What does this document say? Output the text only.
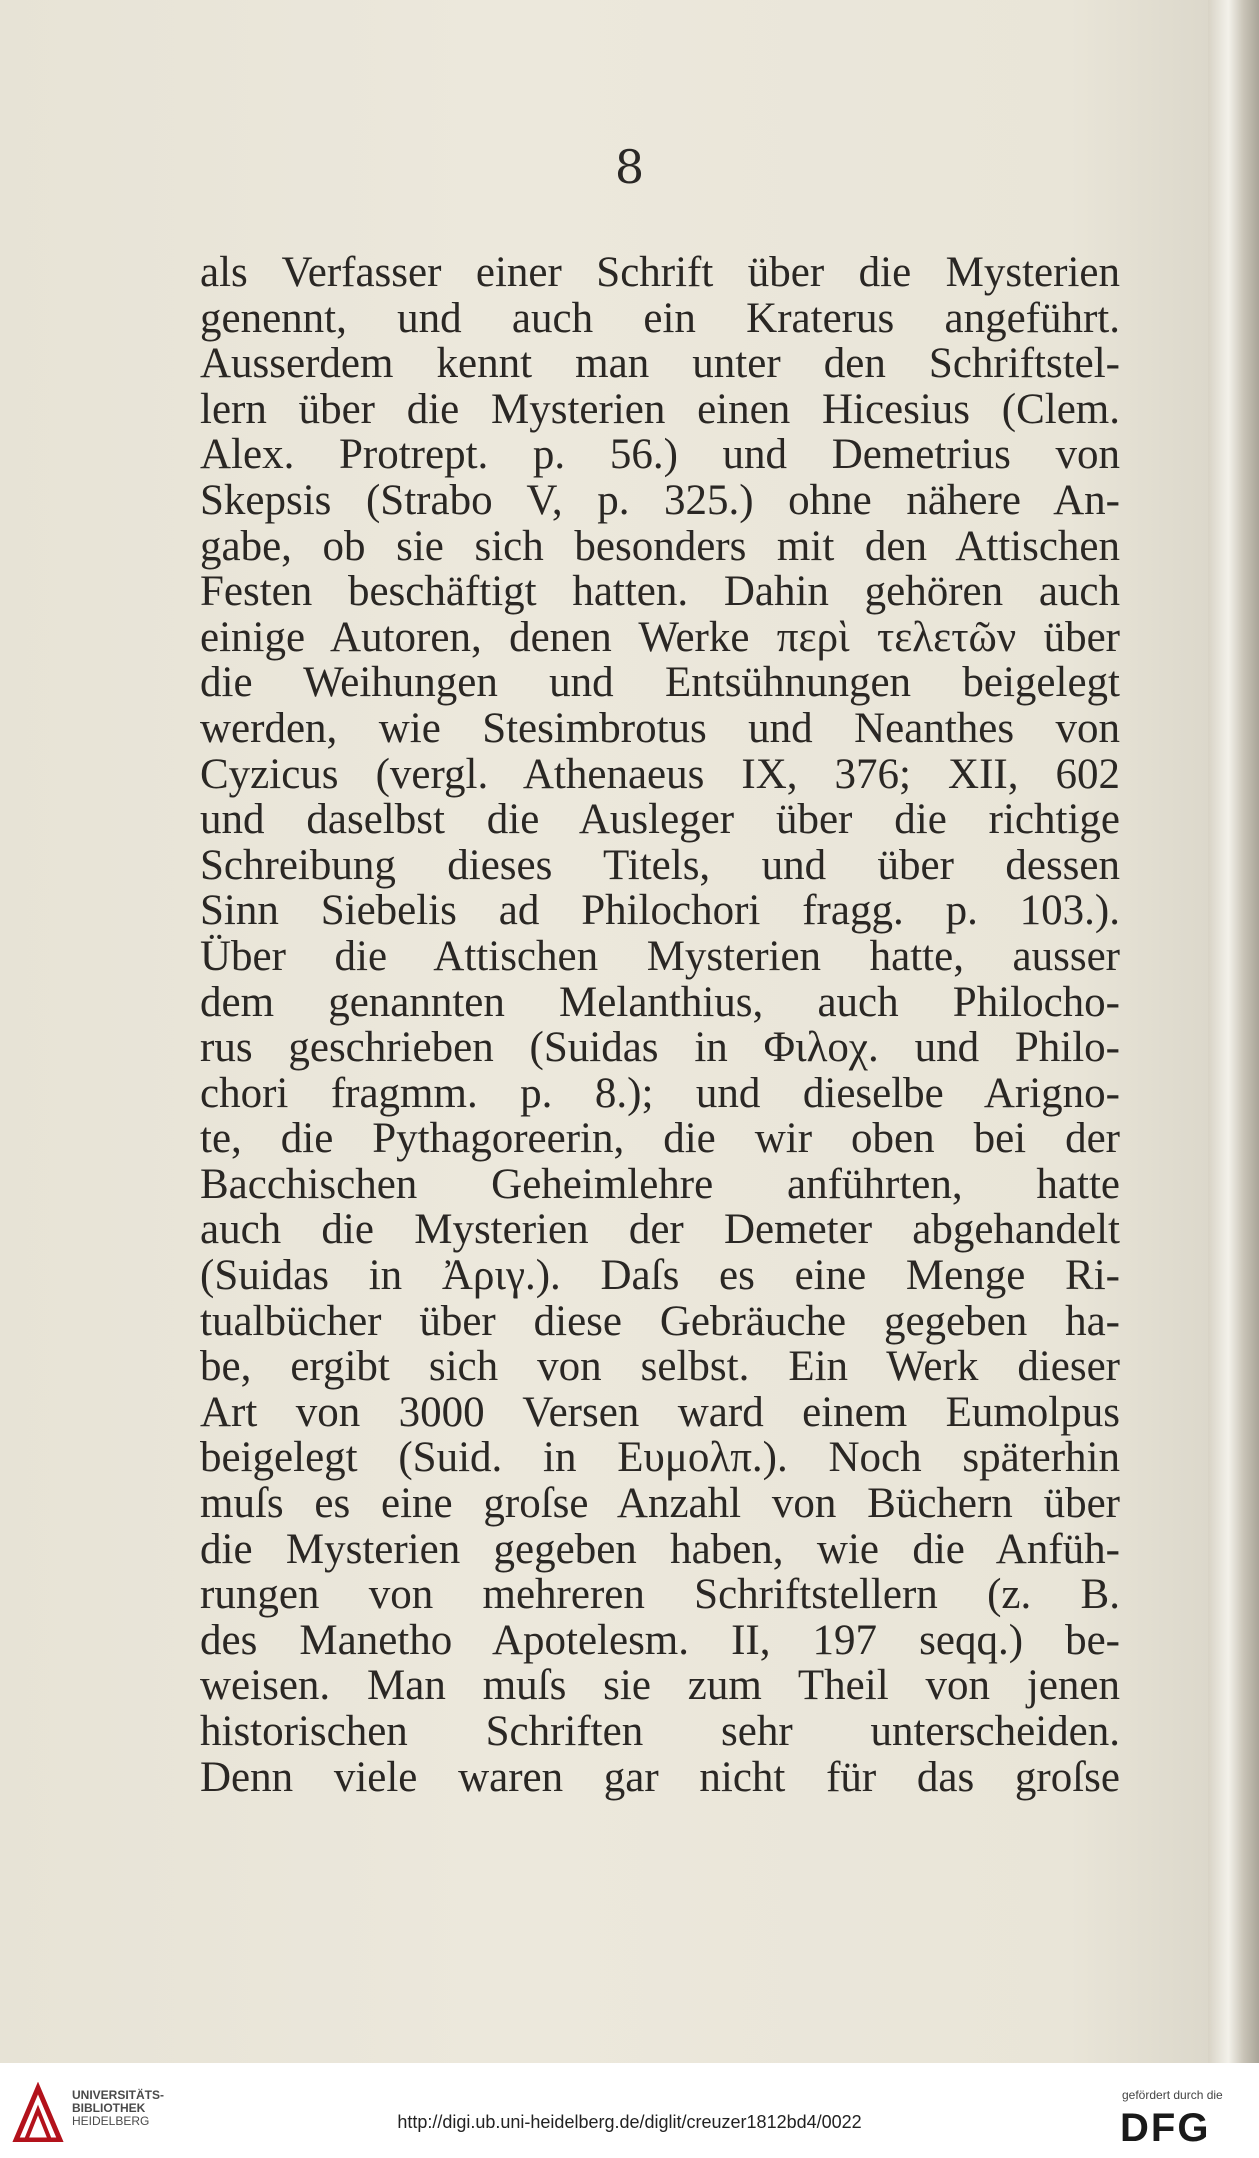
8
als Verfasser einer Schrift über die Mysterien
genennt, und auch ein Kraterus angeführt.
Ausserdem kennt man unter den Schriftstel-
lern über die Mysterien einen Hicesius (Clem.
Alex. Protrept. p. 56.) und Demetrius von
Skepsis (Strabo V, p. 325.) ohne nähere An-
gabe, ob sie sich besonders mit den Attischen
Festen beschäftigt hatten. Dahin gehören auch
einige Autoren, denen Werke περὶ τελετῶν über
die Weihungen und Entsühnungen beigelegt
werden, wie Stesimbrotus und Neanthes von
Cyzicus (vergl. Athenaeus IX, 376; XII, 602
und daselbst die Ausleger über die richtige
Schreibung dieses Titels, und über dessen
Sinn Siebelis ad Philochori fragg. p. 103.).
Über die Attischen Mysterien hatte, ausser
dem genannten Melanthius, auch Philocho-
rus geschrieben (Suidas in Φιλοχ. und Philo-
chori fragmm. p. 8.); und dieselbe Arigno-
te, die Pythagoreerin, die wir oben bei der
Bacchischen Geheimlehre anführten, hatte
auch die Mysterien der Demeter abgehandelt
(Suidas in Ἀριγ.). Daſs es eine Menge Ri-
tualbücher über diese Gebräuche gegeben ha-
be, ergibt sich von selbst. Ein Werk dieser
Art von 3000 Versen ward einem Eumolpus
beigelegt (Suid. in Ευμολπ.). Noch späterhin
muſs es eine groſse Anzahl von Büchern über
die Mysterien gegeben haben, wie die Anfüh-
rungen von mehreren Schriftstellern (z. B.
des Manetho Apotelesm. II, 197 seqq.) be-
weisen. Man muſs sie zum Theil von jenen
historischen Schriften sehr unterscheiden.
Denn viele waren gar nicht für das groſse
UNIVERSITÄTS-
BIBLIOTHEK
HEIDELBERG	http://digi.ub.uni-heidelberg.de/diglit/creuzer1812bd4/0022
gefördert durch die
DFG
